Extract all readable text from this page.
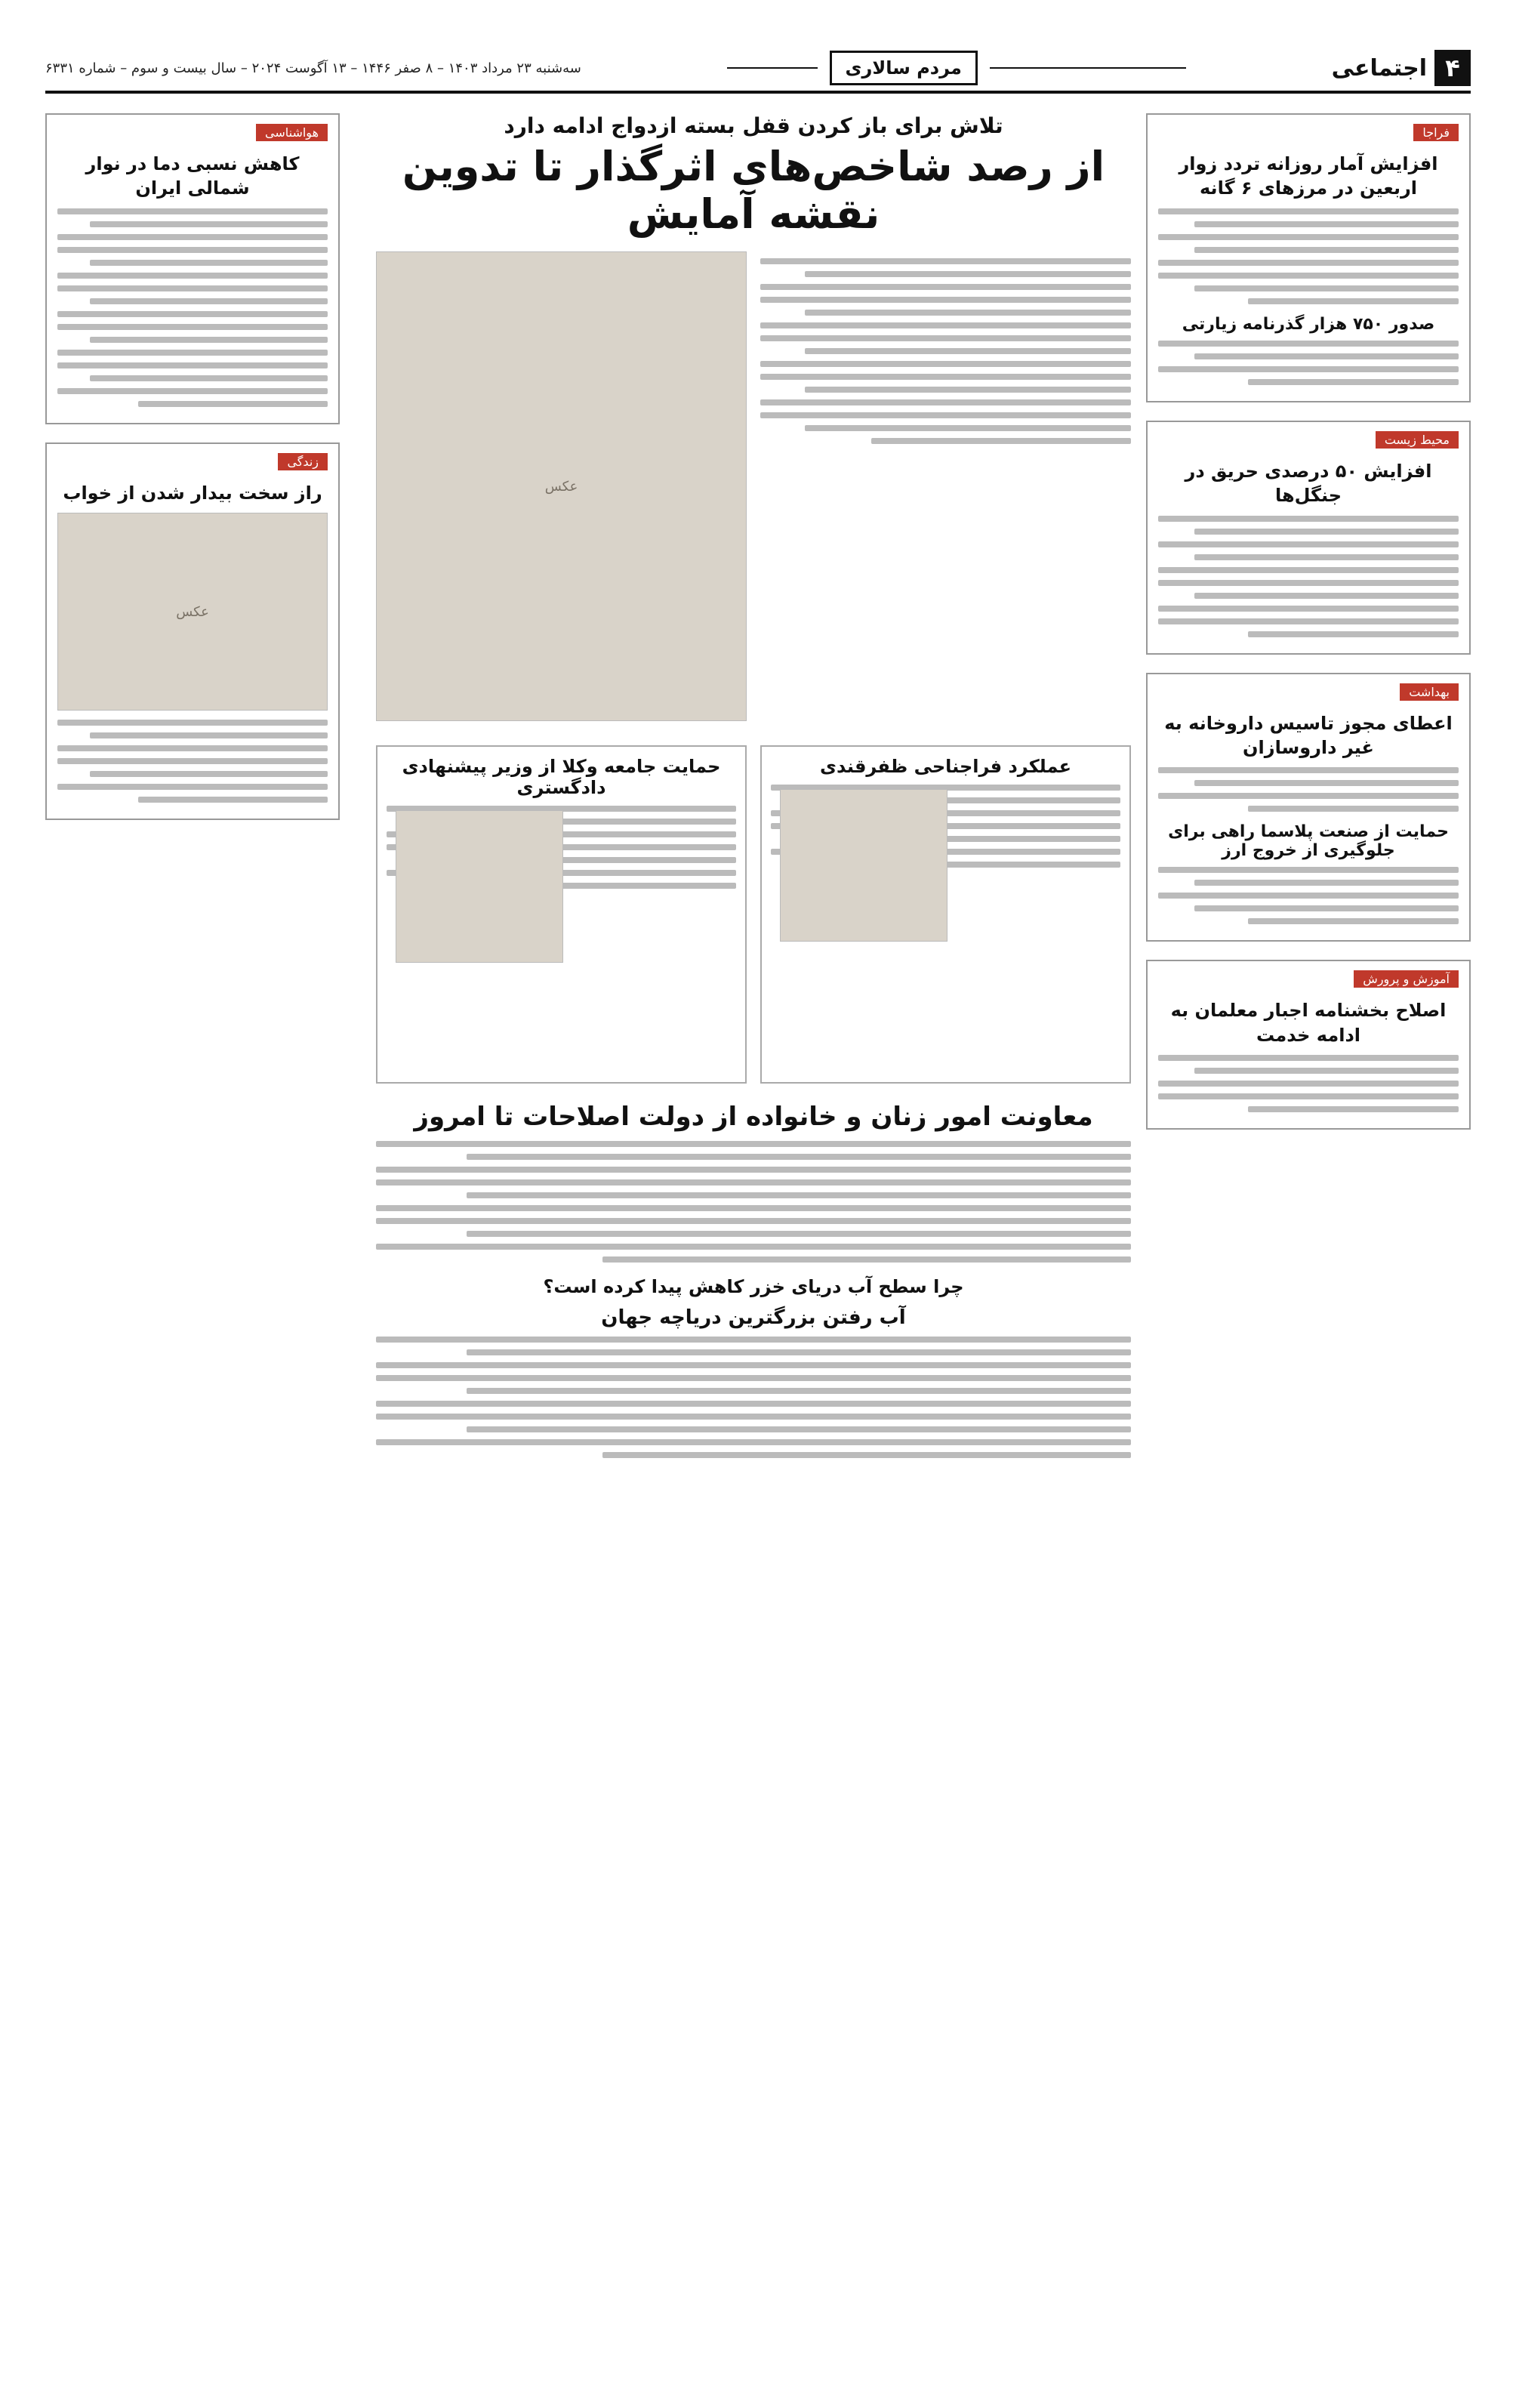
۴
اجتماعی
مردم سالاری
سه‌شنبه ۲۳ مرداد ۱۴۰۳ – ۸ صفر ۱۴۴۶ – ۱۳ آگوست ۲۰۲۴ – سال بیست و سوم – شماره ۶۳۳۱
فراجا
افزایش آمار روزانه تردد زوار اربعین در مرزهای ۶ گانه
صدور ۷۵۰ هزار گذرنامه زیارتی
محیط زیست
افزایش ۵۰ درصدی حریق در جنگل‌ها
بهداشت
اعطای مجوز تاسیس داروخانه به غیر داروسازان
حمایت از صنعت پلاسما راهی برای جلوگیری از خروج ارز
آموزش و پرورش
اصلاح بخشنامه اجبار معلمان به ادامه خدمت
تلاش برای باز کردن قفل بسته ازدواج ادامه دارد
از رصد شاخص‌های اثرگذار تا تدوین نقشه آمایش
عکس
عملکرد فراجناحی ظفرقندی
حمایت جامعه وکلا از وزیر پیشنهادی دادگستری
معاونت امور زنان و خانواده از دولت اصلاحات تا امروز
چرا سطح آب دریای خزر کاهش پیدا کرده است؟
آب رفتن بزرگترین دریاچه جهان
هواشناسی
کاهش نسبی دما در نوار شمالی ایران
زندگی
راز سخت بیدار شدن از خواب
عکس
